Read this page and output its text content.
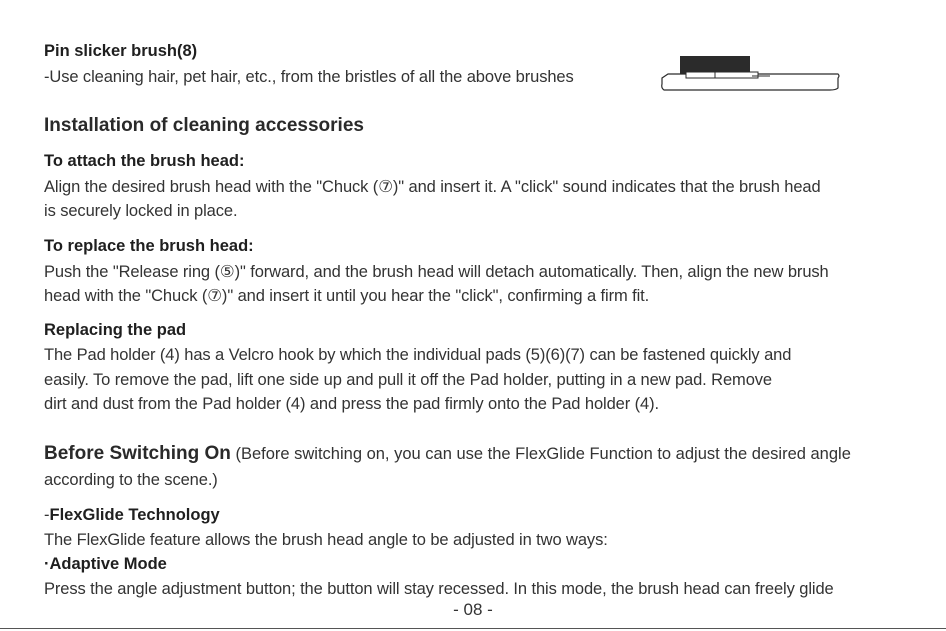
Pin slicker brush(8)
-Use cleaning hair, pet hair, etc., from the bristles of all the above brushes
Installation of cleaning accessories
To attach the brush head:
Align the desired brush head with the "Chuck (⑦)" and insert it. A "click" sound indicates that the brush head
is securely locked in place.
To replace the brush head:
Push the "Release ring (⑤)" forward, and the brush head will detach automatically. Then, align the new brush
head with the "Chuck (⑦)" and insert it until you hear the "click", confirming a firm fit.
Replacing the pad
The Pad holder (4) has a Velcro hook by which the individual pads (5)(6)(7) can be fastened quickly and
easily. To remove the pad, lift one side up and pull it off the Pad holder, putting in a new pad. Remove
dirt and dust from the Pad holder (4) and press the pad firmly onto the Pad holder (4).
Before Switching On (Before switching on, you can use the FlexGlide Function to adjust the desired angle
according to the scene.)
-FlexGlide Technology
The FlexGlide feature allows the brush head angle to be adjusted in two ways:
·Adaptive Mode
Press the angle adjustment button; the button will stay recessed. In this mode, the brush head can freely glide
- 08 -
